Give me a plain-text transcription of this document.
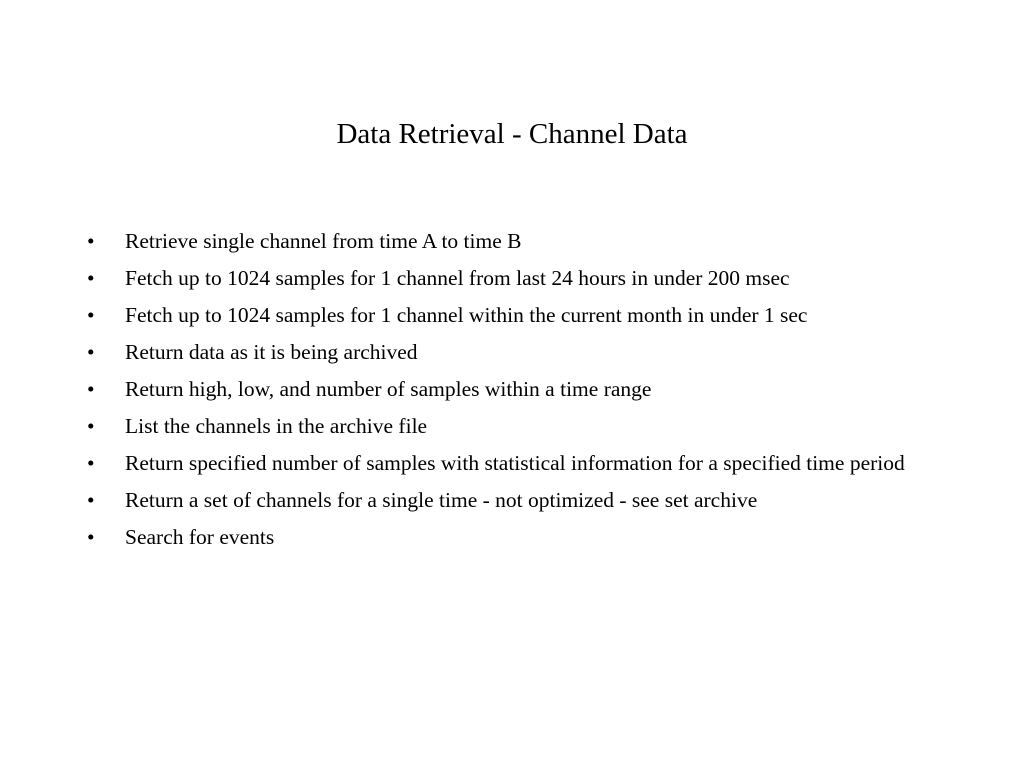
Data Retrieval - Channel Data
• Retrieve single channel from time A to time B
• Fetch up to 1024 samples for 1 channel from last 24 hours in under 200 msec
• Fetch up to 1024 samples for 1 channel within the current month in under 1 sec
• Return data as it is being archived
• Return high, low, and number of samples within a time range
• List the channels in the archive file
• Return specified number of samples with statistical information for a specified time period
• Return a set of channels for a single time - not optimized - see set archive
• Search for events
